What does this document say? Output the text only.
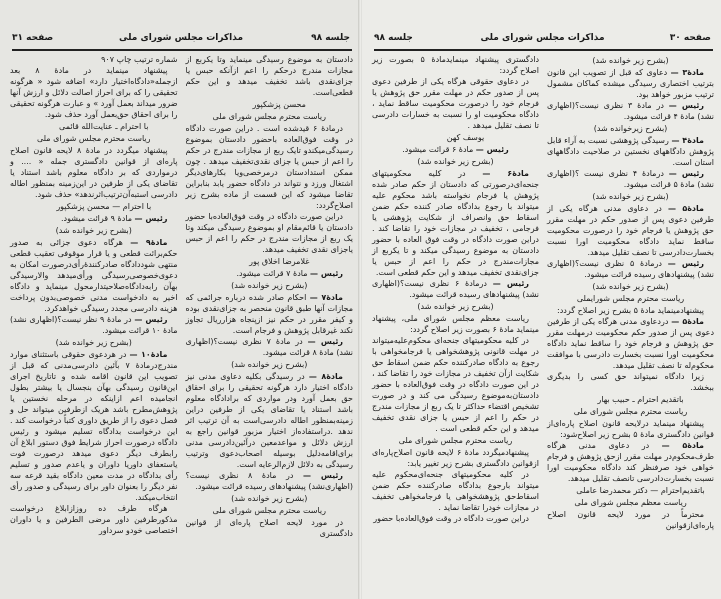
جلسه ۹۸
مذاکرات مجلس شورای ملی
صفحه ۳۱
دادستان به موضوع رسیدگی مینماید وتا یکربع از مجازات مندرج درحکم را اعم ازآنکه حبس یا جزای‌نقدی باشد تخفیف میدهد و این حکم قطعی‌است.
محسن پزشکپور
ریاست محترم مجلس شورای ملی
درمادهٔ ۶ قیدشده است . دراین صورت دادگاه در وقت فوق‌العاده باحضور دادستان بموضوع رسیدگی‌میکندو تایک ربع از مجازات مندرج در حکم را اعم از حبس یا جزای نقدی‌تخفیف میدهد . چون ممکن استدادستان درمرخصی‌ویا بکارهای‌دیگر اشتغال ورزد و نتواند در دادگاه حضور یابد بنابراین تقاضا میشود که این قسمت از ماده بشرح زیر اصلاح‌گردد:
دراین صورت دادگاه در وقت فوق‌العاده‌با حضور دادستان یا قائم‌مقام او بموضوع رسیدگی میکند وتا یک ربع از مجازات مندرج در حکم را اعم از حبس یاجزای نقدی تخفیف میدهد.
غلامرضا اخلاق پور
رئیس — مادهٔ ۷ قرائت میشود.
(بشرح زیر خوانده شد)
مادهٔ۷ — احکام صادر شده درباره جرائمی که مجازات آنها طبق قانون منحصر به جزای‌نقدی بوده و کیفر مقرر در حکم نیز ازپنجاه هزارریال تجاوز نکند غیرقابل پژوهش و فرجام است.
رئیس — در مادهٔ ۷ نظری نیست؟(اظهاری نشد) مادهٔ ۸ قرائت میشود.
(بشرح زیر خوانده شد)
مادهٔ۸ — در رسیدگی بکلیه دعاوی مدنی نیز دادگاه اختیار دارد هرگونه تحقیقی را برای احقاق حق بعمل آورد ودر مواردی که برادادگاه معلوم باشد استناد یا تقاضای یکی از طرفین دراین زمینه‌بمنظور اطاله دادرسی‌است به آن ترتیب اثر ندهد .دراستفاده‌از اختیار مزبور قوانین راجع به ارزش دلائل و مواعدمعین درآئین‌دادرسی مدنی برای‌اقامه‌دلیل بوسیله اصحاب‌دعوی وترتیب رسیدگی به دلائل لازم‌الرعایه است.
رئیس — در مادهٔ ۸ نظری نیست؟ (اظهاری‌نشد) پیشنهادهای رسیده قرائت میشود.
(بشرح زیر خوانده شد)
ریاست محترم مجلس شورای ملی
در مورد لایحه اصلاح پاره‌ای از قوانین دادگستری
شماره ترتیب چاپ ۹۰۷
پیشنهاد مینماید در مادهٔ ۸ بعد ازجمله«دادگاه‌اختیار دارد» اضافه شود « هرگونه تحقیقی را که برای احراز اصالت دلائل و ارزش آنها ضرور میداند بعمل آورد » و عبارت هرگونه تحقیقی را برای احقاق حق‌بعمل آورد حذف شود.
با احترام ـ عنایت‌الله قائمی
ریاست محترم مجلس شورای ملی
پیشنهاد میگردد در مادهٔ ۸ لایحه قانون اصلاح پاره‌ای از قوانین دادگستری جمله « .... و درمواردی که بر دادگاه معلوم باشد استناد یا تقاضای یکی از طرفین در این‌زمینه بمنظور اطاله دادرسی استبه‌آن‌ترتیب‌اثرندهد» حذف شود.
با احترام — محسن پزشکپور
رئیس — مادهٔ ۹ قرائت میشود.
(بشرح زیر خوانده شد)
مادهٔ۹ — هرگاه دعوی جزائی به صدور حکم‌برائت قطعی و یا قرار موقوفی تعقیب قطعی منتهی شوددادگاه صادرکنندهٔ‌رأی‌درصورت امکان به دعوی‌خصوصی‌رسیدگی ورأی‌میدهد والارسیدگی بهآن رابه‌دادگاه‌صلاحیتدار‌محول مینماید و دادگاه اخیر به دادخواست مدنی خصوصی‌بدون پرداخت هزینه دادرسی مجدد رسیدگی خواهدکرد.
رئیس — در مادهٔ ۹ نظر نیست؟(اظهاری نشد) مادهٔ ۱۰ قرائت میشود.
(بشرح زیر خوانده شد)
مادهٔ۱۰ — در هردعوی حقوقی باستثنای موارد مندرج‌درمادهٔ ۷ بآئین دادرسی‌مدنی که قبل از تصویب این قانون اقامه شده و تاتاریخ اجرای این‌قانون رسیدگی بهآن بنجسال یا بیشتر بطول انجامیده اعم ازاینکه در مرحله نخستین یا پژوهش‌مطرح باشد هریک ازطرفین میتواند حل و فصل دعوی را از طریق داوری کتباً درخواست کند . این درخواست بدادگاه تسلیم میشود و رئیس دادگاه درصورت احراز شرایط فوق دستور ابلاغ آن رابطرف دیگر دعوی میدهد درصورت فوت یاستعفای داوریا داوران و یاعدم صدور و تسلیم رأی بدادگاه در مدت معین دادگاه بقید قرعه سه نفر دیگر را بعنوان داور برای رسیدگی و صدور رأی انتخاب‌میکند.
هرگاه طرف ده روزازابلاغ درخواست مذکورطرفین داور مرضی الطرفین و یا داوران اختصاصی خودو سرداور
صفحه ۳۰
مذاکرات مجلس شورای ملی
جلسه ۹۸
(بشرح زیر خوانده شد)
مادهٔ۳ — دعاوی که قبل از تصویب این قانون بترتیب اختصاری رسیدگی میشده کماکان مشمول ترتیب مزبور خواهد بود.
رئیس — در مادهٔ ۳ نظری نیست؟(اظهاری نشد) مادهٔ ۴ قرائت میشود.
(بشرح زیرخوانده شد)
مادهٔ۴ — رسیدگی پژوهشی نسبت به آراء قابل پژوهش دادگاههای نخستین در صلاحیت دادگاههای استان است.
رئیس — درمادهٔ ۴ نظری نیست ؟(اظهاری نشد) مادهٔ ۵ قرائت میشود.
(بشرح زیر خوانده شد)
مادهٔ۵ — در دعاوی مدنی هرگاه یکی از طرفین دعوی پس از صدور حکم در مهلت مقرر حق پژوهش یا فرجام خود را درصورت محکومیت ساقط نماید دادگاه محکومیت اورا نسبت بخسارت‌دادرسی تا نصف تقلیل میدهد.
رئیس — درمادهٔ ۵ نظری نیست؟(اظهاری نشد) پیشنهادهای رسیده قرائت میشود.
(بشرح زیر خوانده شد)
ریاست محترم مجلس شورایملی
پیشنهادمینماید مادهٔ ۵ بشرح زیر اصلاح گردد:
مادهٔ۵ — دردعاوی مدنی هرگاه یکی از طرفین دعوی پس از صدور حکم محکومیت درمهلت مقرر حق پژوهش و فرجام خود را ساقط نماید دادگاه محکومیت اورا نسبت بخسارت دادرسی با موافقت محکوم‌له تا نصف تقلیل میدهد.
زیرا دادگاه نمیتواند حق کسی را بدیگری ببخشد.
باتقدیم احترام ـ حبیب بهار
ریاست محترم مجلس شورای ملی
پیشنهاد مینماید درلایحه قانون اصلاح پاره‌ای‌از قوانین دادگستری مادهٔ ۵ بشرح زیر اصلاح‌شود:
مادهٔ۵ — در دعاوی مدنی هرگاه طرف‌محکوم‌در مهلت مقرر ازحق پژوهش و فرجام خواهی خود صرفنظر کند دادگاه محکومیت اورا نسبت بخسارت‌دادرسی تانصف تقلیل میدهد.
باتقدیم‌احترام — دکتر محمدرضا عاملی
ریاست معظم مجلس شورای ملی
محترماً در مورد لایحه قانون اصلاح پاره‌ای‌ازقوانین
دادگستری پیشنهاد مینمایدمادهٔ ۵ بصورت زیر اصلاح گردد:
در دعاوی حقوقی هرگاه یکی از طرفین دعوی پس از صدور حکم در مهلت مقرر حق پژوهش یا فرجام خود را درصورت محکومیت ساقط نماید ، دادگاه محکومیت او را نسبت به خسارات دادرسی تا نصف تقلیل میدهد .
یوسف کهن
رئیس — مادهٔ ۶ قرائت میشود.
(بشرح زیر خوانده شد)
مادهٔ۶ — در کلیه محکومیتهای جنحه‌ای‌درصورتی که دادستان از حکم صادر شده پژوهش یا فرجام نخواسته باشد محکوم علیه میتواند با رجوع بدادگاه صادر کننده حکم ضمن اسقاط حق وانصراف از شکایت پژوهشی یا فرجامی ، تخفیف در مجازات خود را تقاضا کند . دراین صورت دادگاه در وقت فوق العاده با حضور دادستان به موضوع رسیدگی میکند و تا یکربع از مجازات‌مندرج در حکم را اعم از حبس یا جزای‌نقدی تخفیف میدهد و این حکم قطعی است.
رئیس — درمادهٔ ۶ نظری نیست؟(اظهاری نشد) پیشنهادهای رسیده قرائت میشود.
(بشرح زیر خوانده شد)
ریاست معظم مجلس شورای ملی، پیشنهاد مینماید مادهٔ ۶ بصورت زیر اصلاح گردد:
در کلیه محکومیتهای جنحه‌ای محکوم‌علیه‌میتواند در مهلت قانونی پژوهشخواهی یا فرجامخواهی با رجوع به دادگاه صادرکننده حکم ضمن اسقاط حق شکایت ازآن تخفیف در مجازات خود را تقاضا کند ، در این صورت دادگاه در وقت فوق‌العاده با حضور دادستان‌به‌موضوع رسیدگی می کند و در صورت تشخیص اقتضاء حداکثر تا یک ربع از مجازات مندرج در حکم را اعم از حبس یا جزای نقدی تخفیف میدهد و این حکم قطعی است .
ریاست محترم مجلس شورای ملی
پیشنهادمیگردد مادهٔ ۶ لایحه قانون اصلاح‌پاره‌ای ازقوانین دادگستری بشرح زیر تغییر یابد:
در کلیه محکومیتهای جنحه‌ای‌محکوم علیه میتواند بارجوع بدادگاه صادرکننده حکم ضمن اسقاط‌حق پژوهشخواهی یا فرجامخواهی تخفیف در مجازات خود‌را تقاضا نماید .
دراین صورت دادگاه در وقت فوق‌العاده‌با حضور
